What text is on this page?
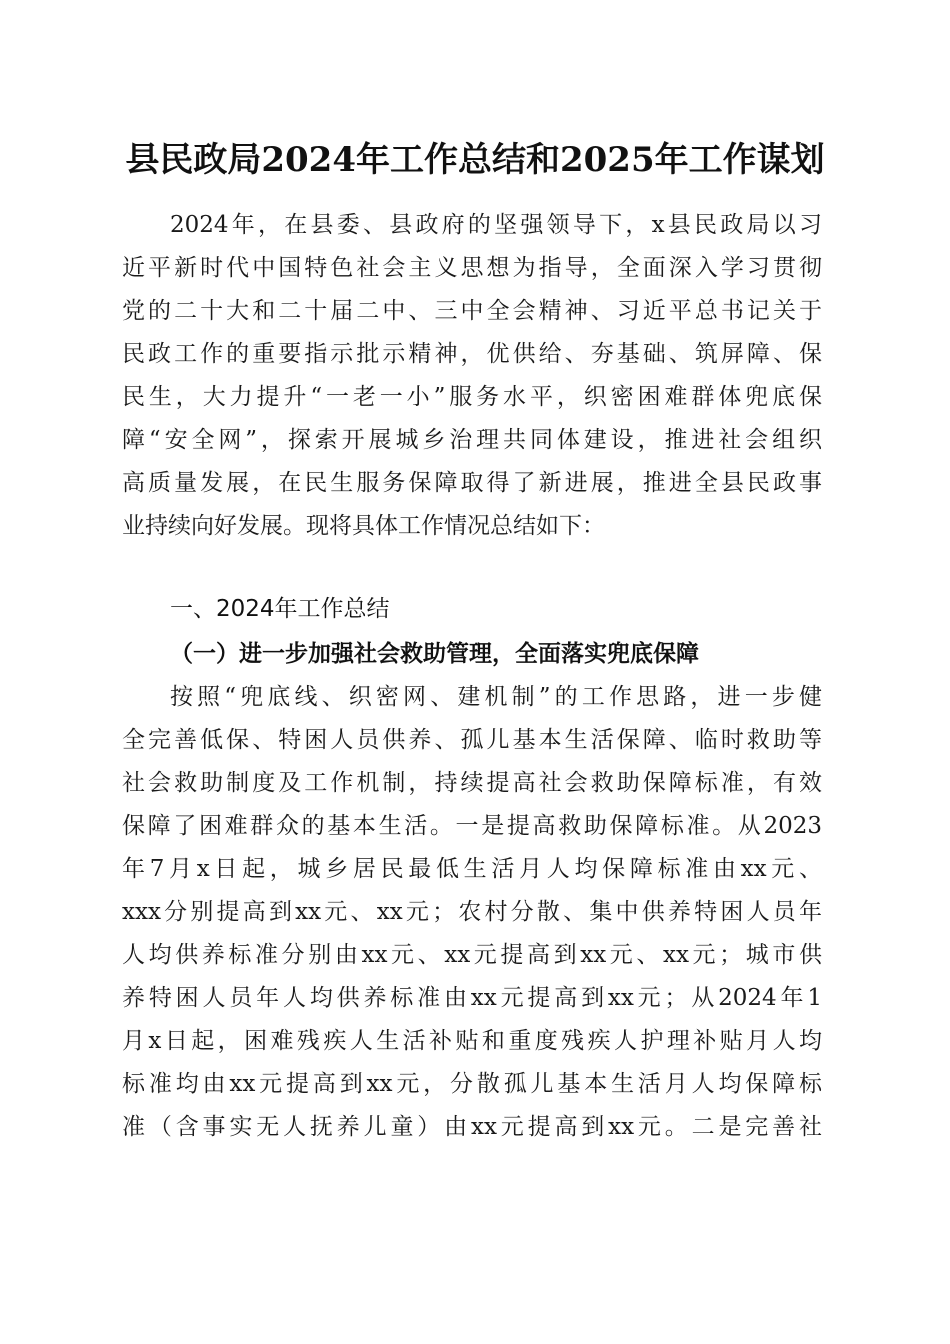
县民政局2024年工作总结和2025年工作谋划
2024年，在县委、县政府的坚强领导下，x县民政局以习
近平新时代中国特色社会主义思想为指导，全面深入学习贯彻
党的二十大和二十届二中、三中全会精神、习近平总书记关于
民政工作的重要指示批示精神，优供给、夯基础、筑屏障、保
民生，大力提升“一老一小”服务水平，织密困难群体兜底保
障“安全网”，探索开展城乡治理共同体建设，推进社会组织
高质量发展，在民生服务保障取得了新进展，推进全县民政事
业持续向好发展。现将具体工作情况总结如下：
一、2024年工作总结
（一）进一步加强社会救助管理，全面落实兜底保障
按照“兜底线、织密网、建机制”的工作思路，进一步健
全完善低保、特困人员供养、孤儿基本生活保障、临时救助等
社会救助制度及工作机制，持续提高社会救助保障标准，有效
保障了困难群众的基本生活。一是提高救助保障标准。从2023
年7月x日起，城乡居民最低生活月人均保障标准由xx元、
xxx分别提高到xx元、xx元；农村分散、集中供养特困人员年
人均供养标准分别由xx元、xx元提高到xx元、xx元；城市供
养特困人员年人均供养标准由xx元提高到xx元；从2024年1
月x日起，困难残疾人生活补贴和重度残疾人护理补贴月人均
标准均由xx元提高到xx元，分散孤儿基本生活月人均保障标
准（含事实无人抚养儿童）由xx元提高到xx元。二是完善社
